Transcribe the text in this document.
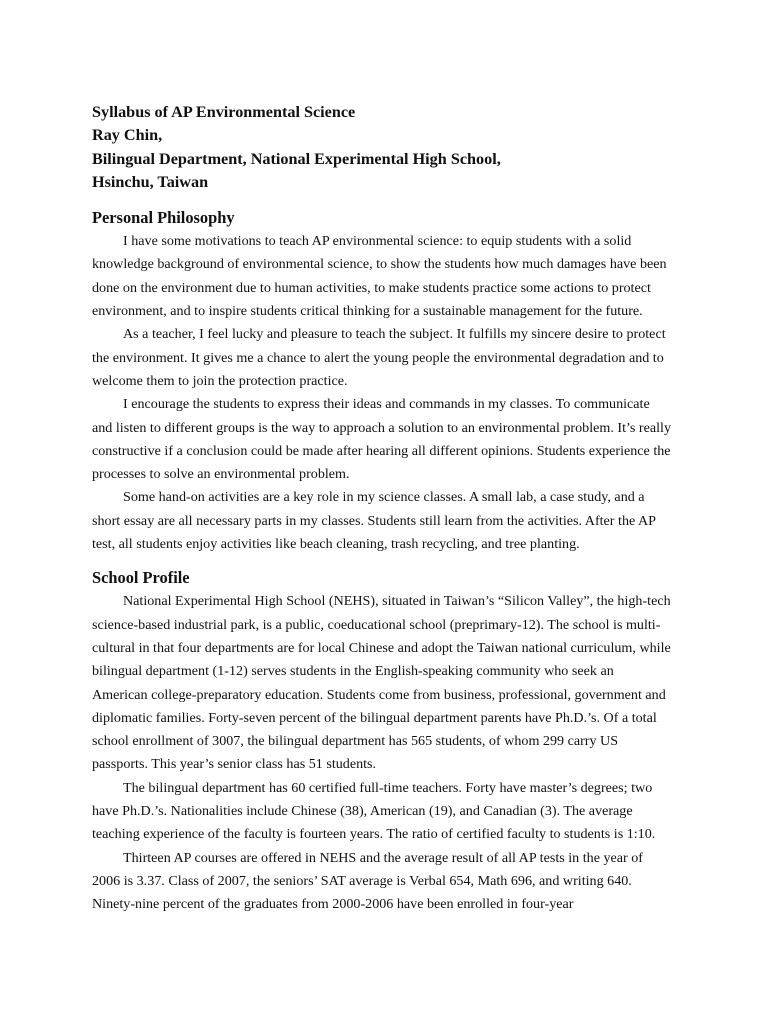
Syllabus of AP Environmental Science

Ray Chin,

Bilingual Department, National Experimental High School,

Hsinchu, Taiwan

Personal Philosophy

I have some motivations to teach AP environmental science: to equip students with a solid knowledge background of environmental science, to show the students how much damages have been done on the environment due to human activities, to make students practice some actions to protect environment, and to inspire students critical thinking for a sustainable management for the future.

As a teacher, I feel lucky and pleasure to teach the subject. It fulfills my sincere desire to protect the environment. It gives me a chance to alert the young people the environmental degradation and to welcome them to join the protection practice.

I encourage the students to express their ideas and commands in my classes. To communicate and listen to different groups is the way to approach a solution to an environmental problem. It’s really constructive if a conclusion could be made after hearing all different opinions. Students experience the processes to solve an environmental problem.

Some hand-on activities are a key role in my science classes. A small lab, a case study, and a short essay are all necessary parts in my classes. Students still learn from the activities. After the AP test, all students enjoy activities like beach cleaning, trash recycling, and tree planting.

School Profile

National Experimental High School (NEHS), situated in Taiwan’s “Silicon Valley”, the high-tech science-based industrial park, is a public, coeducational school (preprimary-12). The school is multi-cultural in that four departments are for local Chinese and adopt the Taiwan national curriculum, while bilingual department (1-12) serves students in the English-speaking community who seek an American college-preparatory education. Students come from business, professional, government and diplomatic families. Forty-seven percent of the bilingual department parents have Ph.D.’s. Of a total school enrollment of 3007, the bilingual department has 565 students, of whom 299 carry US passports. This year’s senior class has 51 students.

The bilingual department has 60 certified full-time teachers. Forty have master’s degrees; two have Ph.D.’s. Nationalities include Chinese (38), American (19), and Canadian (3). The average teaching experience of the faculty is fourteen years. The ratio of certified faculty to students is 1:10.

Thirteen AP courses are offered in NEHS and the average result of all AP tests in the year of 2006 is 3.37. Class of 2007, the seniors’ SAT average is Verbal 654, Math 696, and writing 640. Ninety-nine percent of the graduates from 2000-2006 have been enrolled in four-year
